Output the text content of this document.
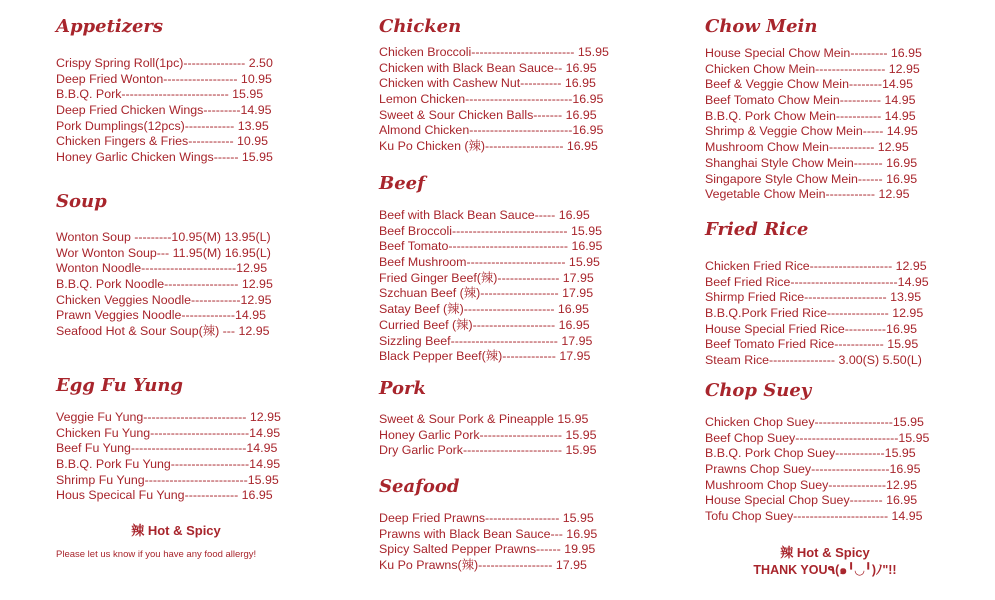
Appetizers
Crispy Spring Roll(1pc)--------------- 2.50
Deep Fried Wonton------------------ 10.95
B.B.Q. Pork-------------------------- 15.95
Deep Fried Chicken Wings---------14.95
Pork Dumplings(12pcs)------------ 13.95
Chicken Fingers & Fries----------- 10.95
Honey Garlic Chicken Wings------ 15.95
Soup
Wonton Soup ---------10.95(M) 13.95(L)
Wor Wonton Soup--- 11.95(M) 16.95(L)
Wonton Noodle-----------------------12.95
B.B.Q. Pork Noodle------------------ 12.95
Chicken Veggies Noodle------------12.95
Prawn Veggies Noodle-------------14.95
Seafood Hot & Sour Soup(辣) --- 12.95
Egg Fu Yung
Veggie Fu Yung------------------------- 12.95
Chicken Fu Yung------------------------14.95
Beef Fu Yung----------------------------14.95
B.B.Q. Pork Fu Yung-------------------14.95
Shrimp Fu Yung-------------------------15.95
Hous Specical Fu Yung------------- 16.95
辣 Hot & Spicy
Please let us know if you have any food allergy!
Chicken
Chicken Broccoli------------------------- 15.95
Chicken with Black Bean Sauce-- 16.95
Chicken with Cashew Nut---------- 16.95
Lemon Chicken--------------------------16.95
Sweet & Sour Chicken Balls------- 16.95
Almond Chicken-------------------------16.95
Ku Po Chicken (辣)------------------- 16.95
Beef
Beef with Black Bean Sauce----- 16.95
Beef Broccoli---------------------------- 15.95
Beef Tomato----------------------------- 16.95
Beef Mushroom------------------------ 15.95
Fried Ginger Beef(辣)--------------- 17.95
Szchuan Beef (辣)------------------- 17.95
Satay Beef (辣)---------------------- 16.95
Curried Beef (辣)-------------------- 16.95
Sizzling Beef-------------------------- 17.95
Black Pepper Beef(辣)------------- 17.95
Pork
Sweet & Sour Pork & Pineapple 15.95
Honey Garlic Pork-------------------- 15.95
Dry Garlic Pork------------------------ 15.95
Seafood
Deep Fried Prawns------------------ 15.95
Prawns with Black Bean Sauce--- 16.95
Spicy Salted Pepper Prawns------ 19.95
Ku Po Prawns(辣)------------------ 17.95
Chow Mein
House Special Chow Mein--------- 16.95
Chicken Chow Mein----------------- 12.95
Beef & Veggie Chow Mein--------14.95
Beef Tomato Chow Mein---------- 14.95
B.B.Q. Pork Chow Mein----------- 14.95
Shrimp & Veggie Chow Mein----- 14.95
Mushroom Chow Mein----------- 12.95
Shanghai Style Chow Mein------- 16.95
Singapore Style Chow Mein------ 16.95
Vegetable Chow Mein------------ 12.95
Fried Rice
Chicken Fried Rice-------------------- 12.95
Beef Fried Rice--------------------------14.95
Shirmp Fried Rice-------------------- 13.95
B.B.Q.Pork Fried Rice--------------- 12.95
House Special Fried Rice----------16.95
Beef Tomato Fried Rice------------ 15.95
Steam Rice---------------- 3.00(S) 5.50(L)
Chop Suey
Chicken Chop Suey-------------------15.95
Beef Chop Suey-------------------------15.95
B.B.Q. Pork Chop Suey------------15.95
Prawns Chop Suey-------------------16.95
Mushroom Chop Suey--------------12.95
House Special Chop Suey-------- 16.95
Tofu Chop Suey----------------------- 14.95
辣 Hot & Spicy
THANK YOU٩(๑╹◡╹)ﾉ"!!
